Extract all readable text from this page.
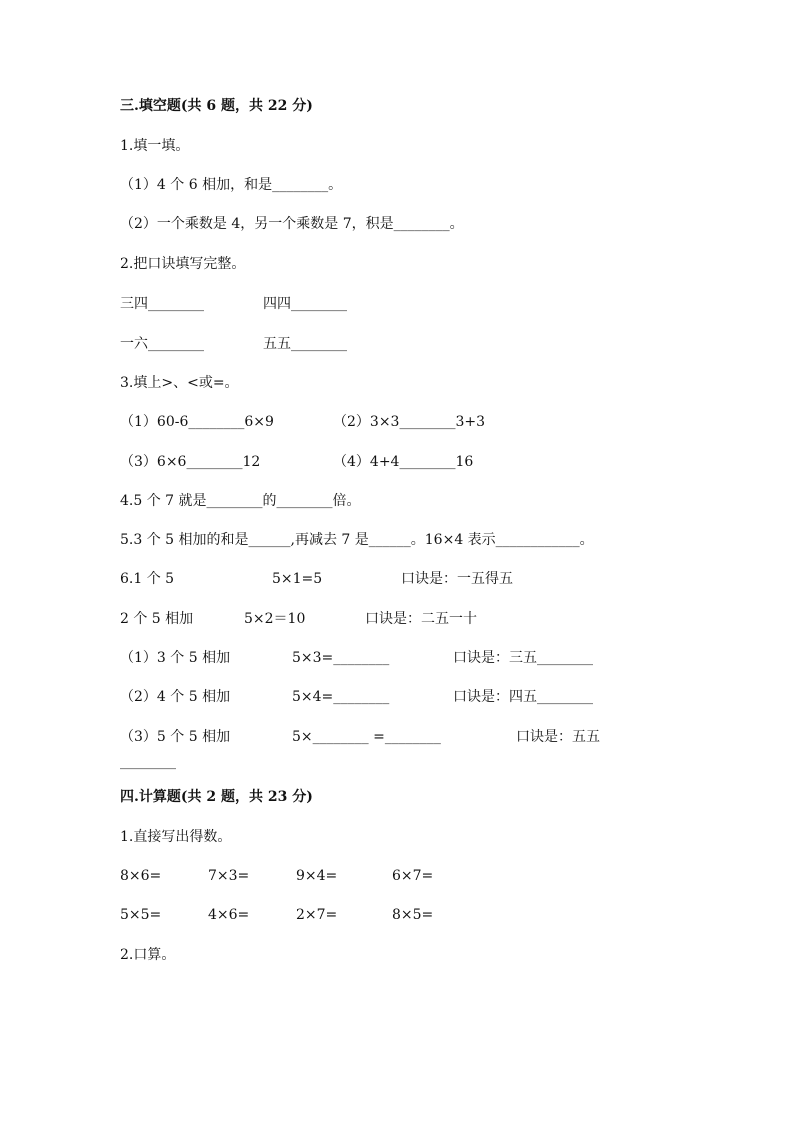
三.填空题(共 6 题，共 22 分)
1.填一填。
（1）4 个 6 相加，和是________。
（2）一个乘数是 4，另一个乘数是 7，积是________。
2.把口诀填写完整。
三四________	四四________
一六________	五五________
3.填上>、<或=。
（1）60-6________6×9	（2）3×3________3+3
（3）6×6________12	（4）4+4________16
4.5 个 7 就是________的________倍。
5.3 个 5 相加的和是______,再减去 7 是______。16×4 表示____________。
6.1 个 5	5×1=5	口诀是：一五得五
2 个 5 相加	5×2＝10	口诀是：二五一十
（1）3 个 5 相加	5×3=________	口诀是：三五________
（2）4 个 5 相加	5×4=________	口诀是：四五________
（3）5 个 5 相加	5×________ =________	口诀是：五五
________
四.计算题(共 2 题，共 23 分)
1.直接写出得数。
8×6=	7×3=	9×4=	6×7=
5×5=	4×6=	2×7=	8×5=
2.口算。
